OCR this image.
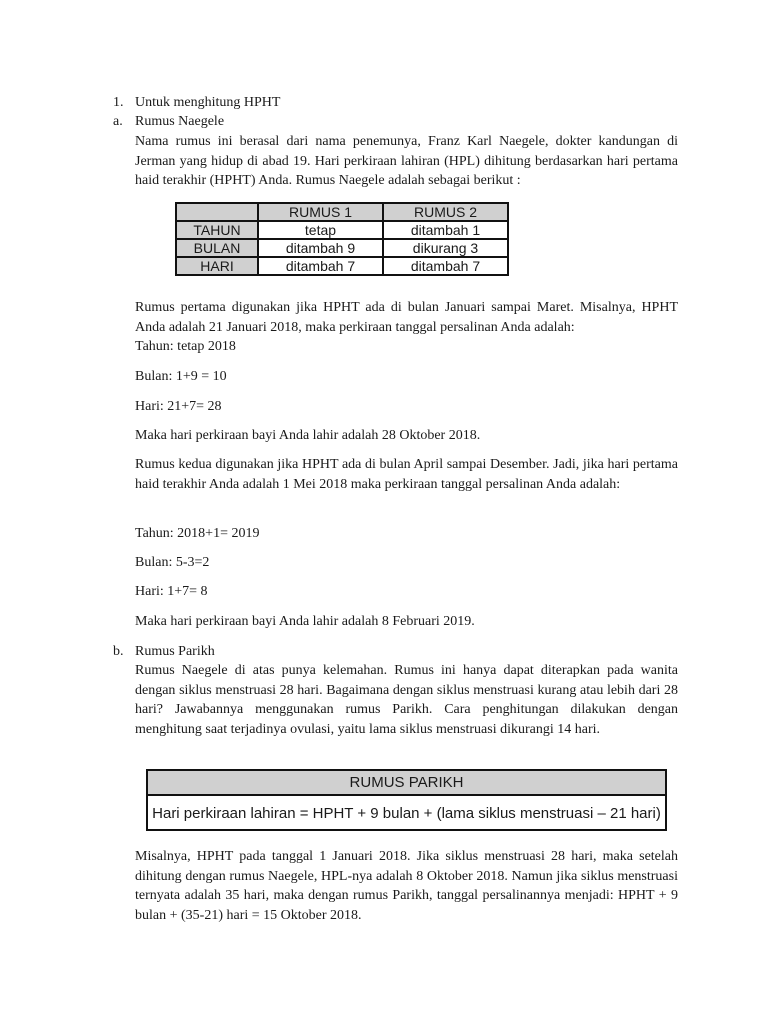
1. Untuk menghitung HPHT
a. Rumus Naegele

Nama rumus ini berasal dari nama penemunya, Franz Karl Naegele, dokter kandungan di Jerman yang hidup di abad 19. Hari perkiraan lahiran (HPL) dihitung berdasarkan hari pertama haid terakhir (HPHT) Anda. Rumus Naegele adalah sebagai berikut :

	RUMUS 1	RUMUS 2
TAHUN	tetap	ditambah 1
BULAN	ditambah 9	dikurang 3
HARI	ditambah 7	ditambah 7

Rumus pertama digunakan jika HPHT ada di bulan Januari sampai Maret. Misalnya, HPHT Anda adalah 21 Januari 2018, maka perkiraan tanggal persalinan Anda adalah:

Tahun: tetap 2018
Bulan: 1+9 = 10
Hari: 21+7= 28
Maka hari perkiraan bayi Anda lahir adalah 28 Oktober 2018.

Rumus kedua digunakan jika HPHT ada di bulan April sampai Desember. Jadi, jika hari pertama haid terakhir Anda adalah 1 Mei 2018 maka perkiraan tanggal persalinan Anda adalah:

Tahun: 2018+1= 2019
Bulan: 5-3=2
Hari: 1+7= 8
Maka hari perkiraan bayi Anda lahir adalah 8 Februari 2019.
b. Rumus Parikh

Rumus Naegele di atas punya kelemahan. Rumus ini hanya dapat diterapkan pada wanita dengan siklus menstruasi 28 hari. Bagaimana dengan siklus menstruasi kurang atau lebih dari 28 hari? Jawabannya menggunakan rumus Parikh. Cara penghitungan dilakukan dengan menghitung saat terjadinya ovulasi, yaitu lama siklus menstruasi dikurangi 14 hari.

RUMUS PARIKH
Hari perkiraan lahiran = HPHT + 9 bulan + (lama siklus menstruasi – 21 hari)

Misalnya, HPHT pada tanggal 1 Januari 2018. Jika siklus menstruasi 28 hari, maka setelah dihitung dengan rumus Naegele, HPL-nya adalah 8 Oktober 2018. Namun jika siklus menstruasi ternyata adalah 35 hari, maka dengan rumus Parikh, tanggal persalinannya menjadi: HPHT + 9 bulan + (35-21) hari = 15 Oktober 2018.
